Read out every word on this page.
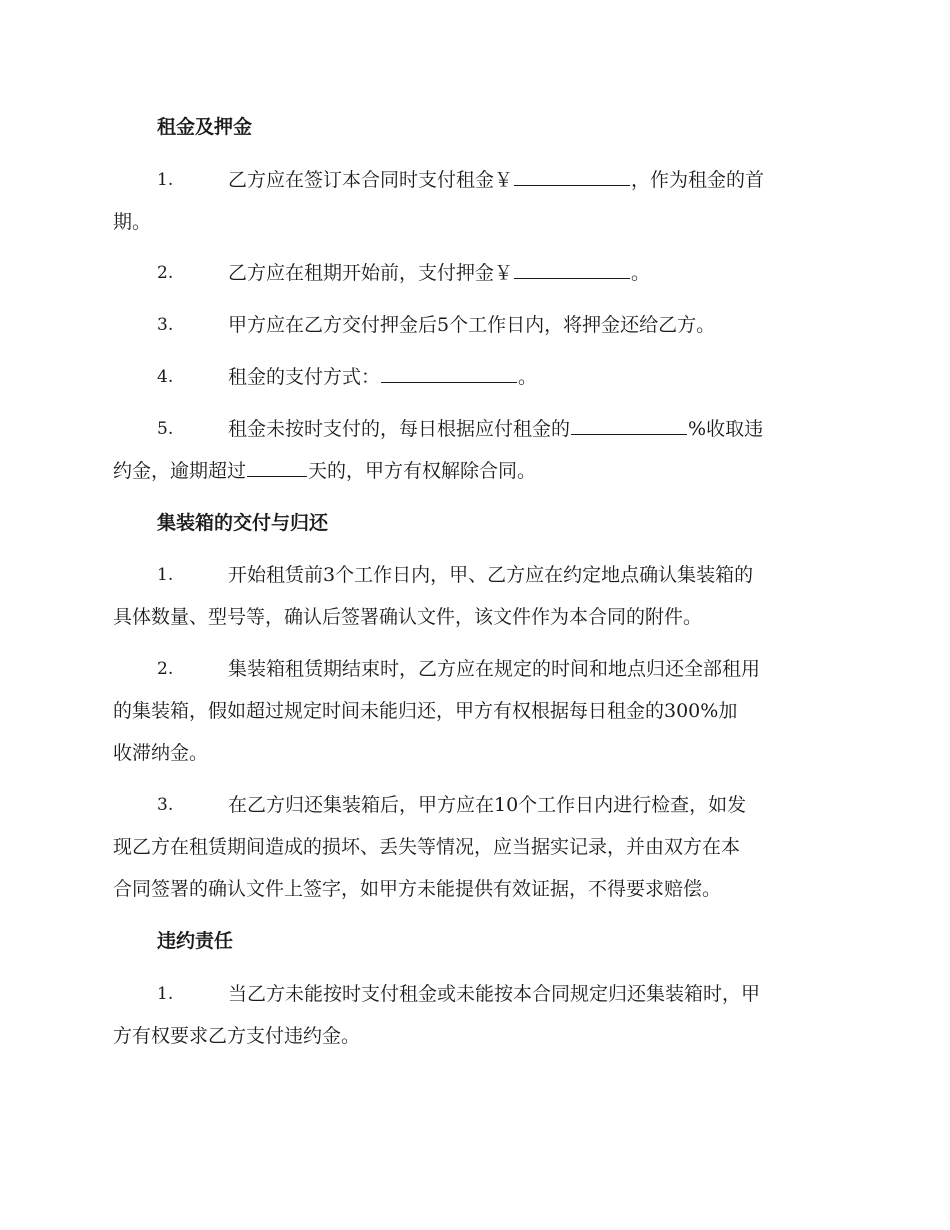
租金及押金
1.	乙方应在签订本合同时支付租金￥	，作为租金的首
期。
2.	乙方应在租期开始前，支付押金￥	。
3.	甲方应在乙方交付押金后5个工作日内，将押金还给乙方。
4.	租金的支付方式：	。
5.	租金未按时支付的，每日根据应付租金的	%收取违
约金，逾期超过	天的，甲方有权解除合同。
集装箱的交付与归还
1.	开始租赁前3个工作日内，甲、乙方应在约定地点确认集装箱的
具体数量、型号等，确认后签署确认文件，该文件作为本合同的附件。
2.	集装箱租赁期结束时，乙方应在规定的时间和地点归还全部租用
的集装箱，假如超过规定时间未能归还，甲方有权根据每日租金的300%加
收滞纳金。
3.	在乙方归还集装箱后，甲方应在10个工作日内进行检查，如发
现乙方在租赁期间造成的损坏、丢失等情况，应当据实记录，并由双方在本
合同签署的确认文件上签字，如甲方未能提供有效证据，不得要求赔偿。
违约责任
1.	当乙方未能按时支付租金或未能按本合同规定归还集装箱时，甲
方有权要求乙方支付违约金。
